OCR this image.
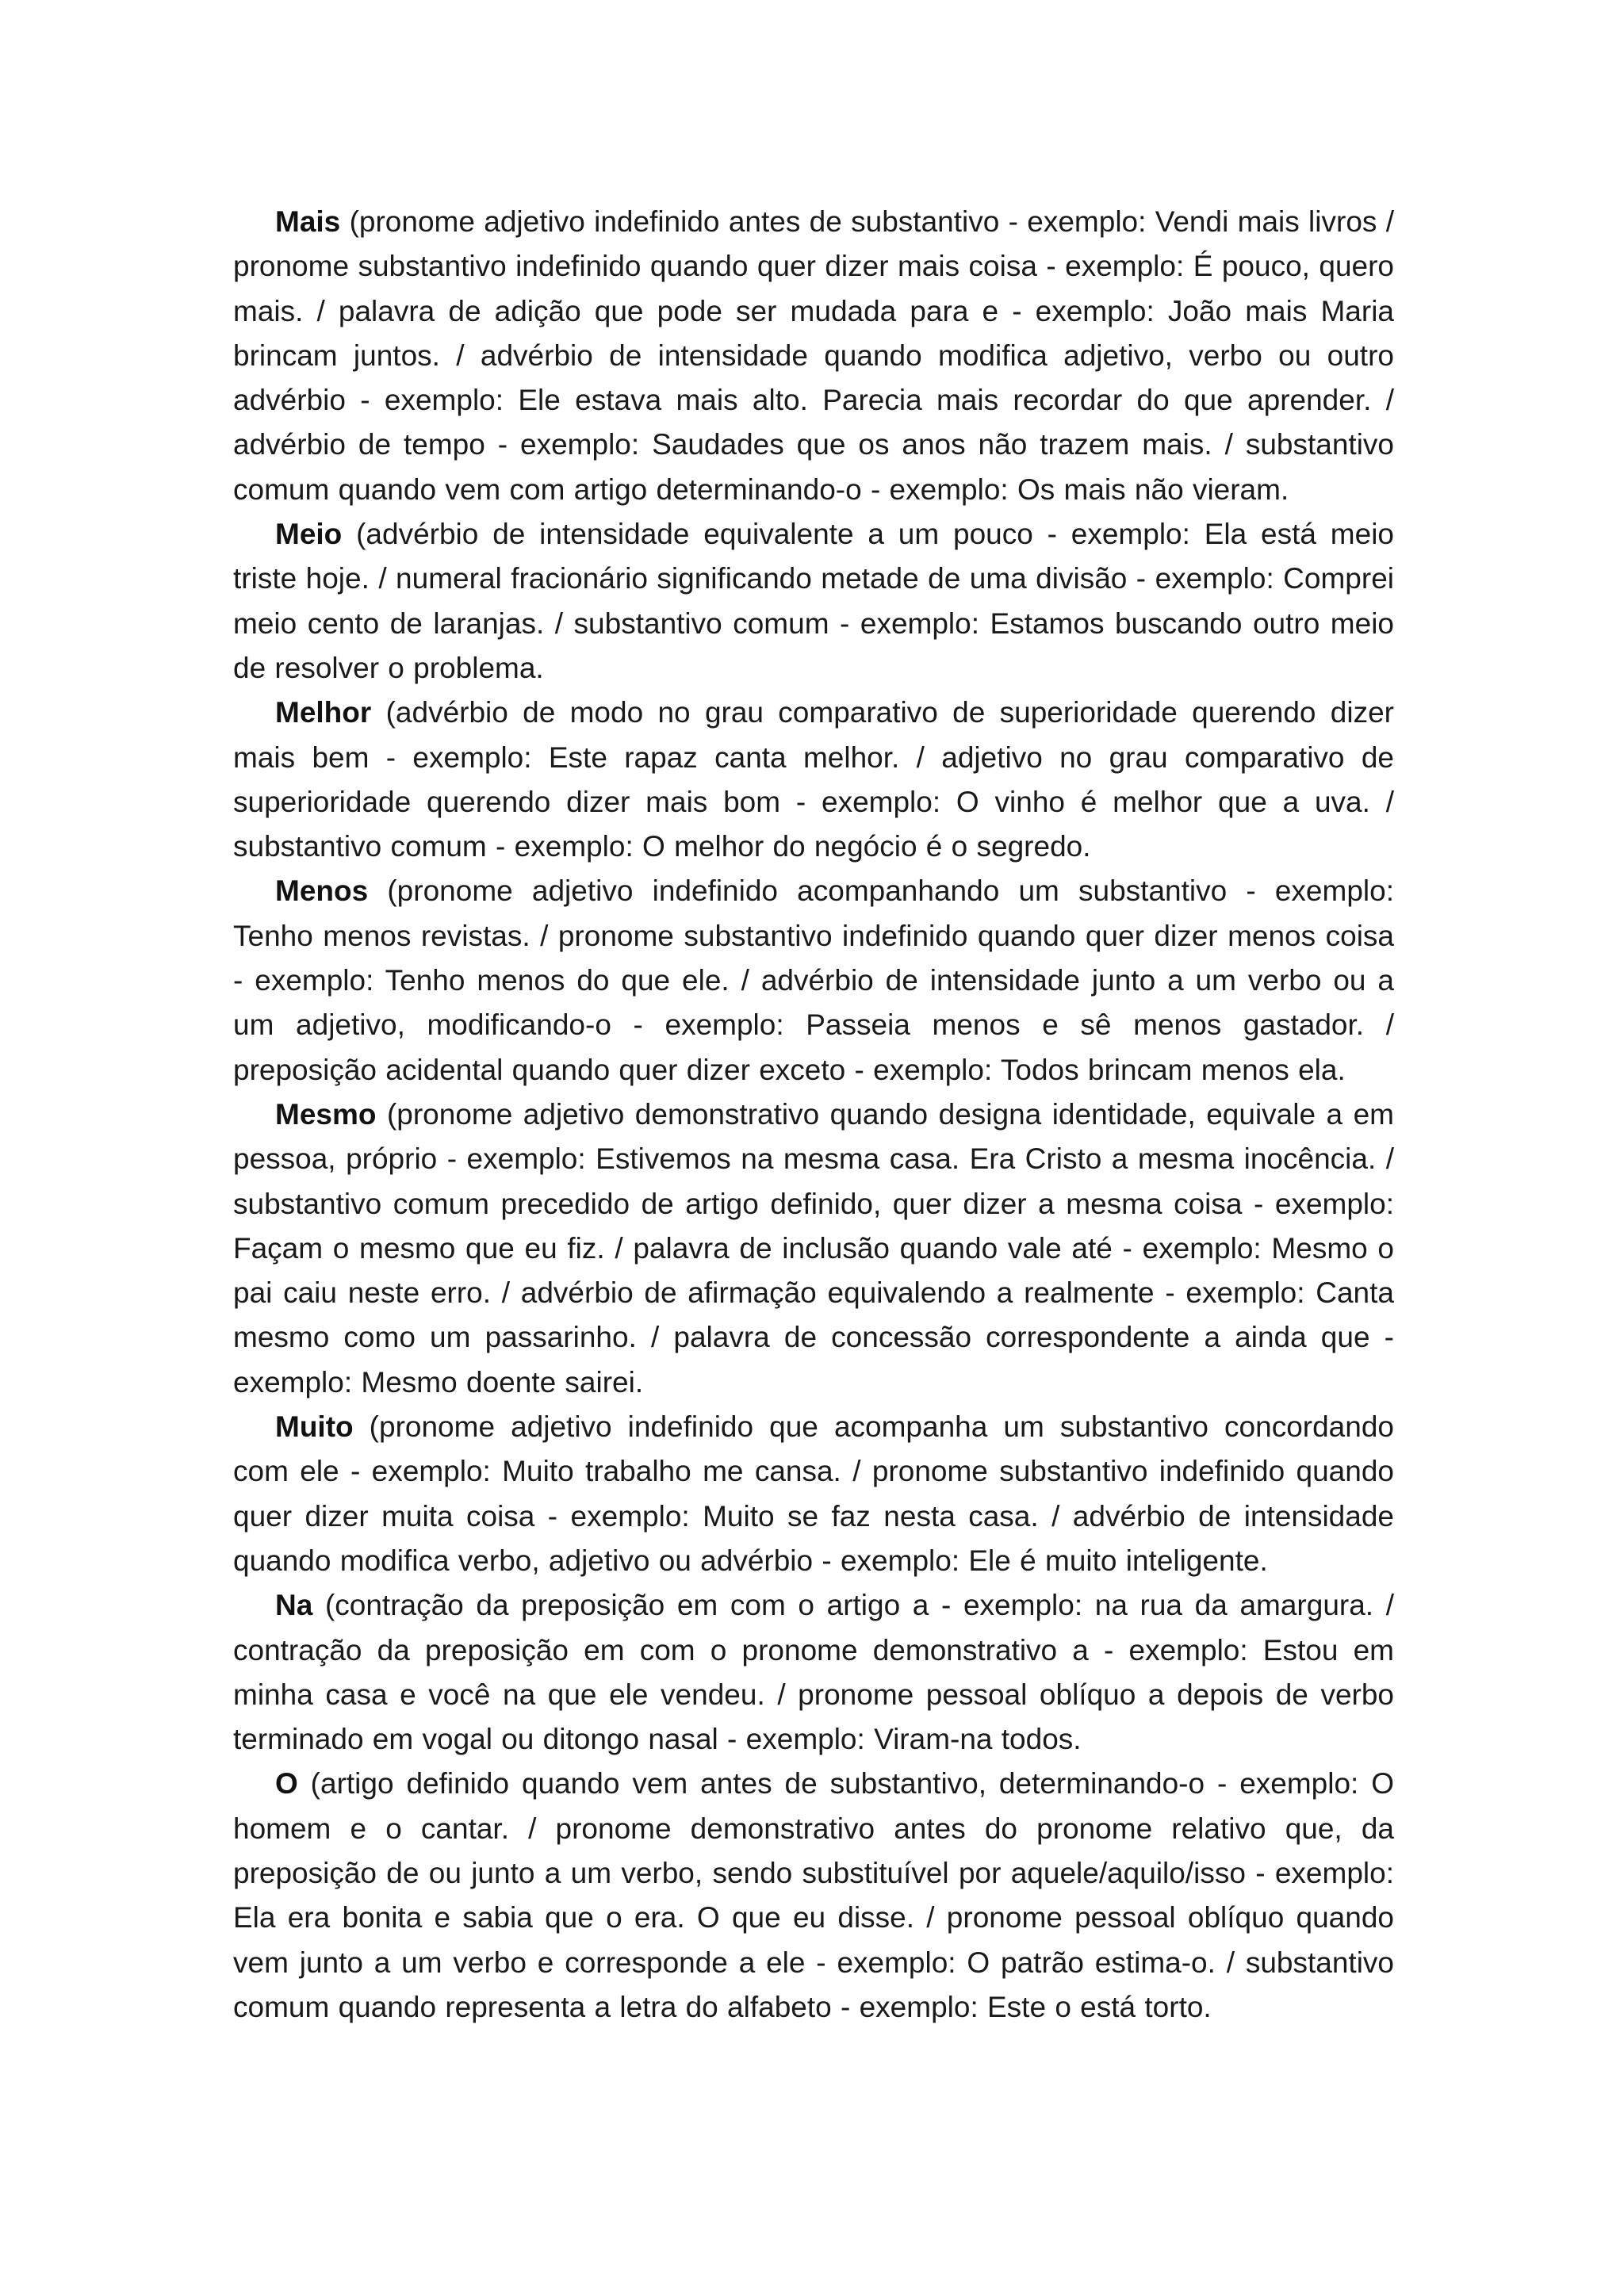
Mais (pronome adjetivo indefinido antes de substantivo - exemplo: Vendi mais livros / pronome substantivo indefinido quando quer dizer mais coisa - exemplo: É pouco, quero mais. / palavra de adição que pode ser mudada para e - exemplo: João mais Maria brincam juntos. / advérbio de intensidade quando modifica adjetivo, verbo ou outro advérbio - exemplo: Ele estava mais alto. Parecia mais recordar do que aprender. / advérbio de tempo - exemplo: Saudades que os anos não trazem mais. / substantivo comum quando vem com artigo determinando-o - exemplo: Os mais não vieram.

Meio (advérbio de intensidade equivalente a um pouco - exemplo: Ela está meio triste hoje. / numeral fracionário significando metade de uma divisão - exemplo: Comprei meio cento de laranjas. / substantivo comum - exemplo: Estamos buscando outro meio de resolver o problema.

Melhor (advérbio de modo no grau comparativo de superioridade querendo dizer mais bem - exemplo: Este rapaz canta melhor. / adjetivo no grau comparativo de superioridade querendo dizer mais bom - exemplo: O vinho é melhor que a uva. / substantivo comum - exemplo: O melhor do negócio é o segredo.

Menos (pronome adjetivo indefinido acompanhando um substantivo - exemplo: Tenho menos revistas. / pronome substantivo indefinido quando quer dizer menos coisa - exemplo: Tenho menos do que ele. / advérbio de intensidade junto a um verbo ou a um adjetivo, modificando-o - exemplo: Passeia menos e sê menos gastador. / preposição acidental quando quer dizer exceto - exemplo: Todos brincam menos ela.

Mesmo (pronome adjetivo demonstrativo quando designa identidade, equivale a em pessoa, próprio - exemplo: Estivemos na mesma casa. Era Cristo a mesma inocência. / substantivo comum precedido de artigo definido, quer dizer a mesma coisa - exemplo: Façam o mesmo que eu fiz. / palavra de inclusão quando vale até - exemplo: Mesmo o pai caiu neste erro. / advérbio de afirmação equivalendo a realmente - exemplo: Canta mesmo como um passarinho. / palavra de concessão correspondente a ainda que - exemplo: Mesmo doente sairei.

Muito (pronome adjetivo indefinido que acompanha um substantivo concordando com ele - exemplo: Muito trabalho me cansa. / pronome substantivo indefinido quando quer dizer muita coisa - exemplo: Muito se faz nesta casa. / advérbio de intensidade quando modifica verbo, adjetivo ou advérbio - exemplo: Ele é muito inteligente.

Na (contração da preposição em com o artigo a - exemplo: na rua da amargura. / contração da preposição em com o pronome demonstrativo a - exemplo: Estou em minha casa e você na que ele vendeu. / pronome pessoal oblíquo a depois de verbo terminado em vogal ou ditongo nasal - exemplo: Viram-na todos.

O (artigo definido quando vem antes de substantivo, determinando-o - exemplo: O homem e o cantar. / pronome demonstrativo antes do pronome relativo que, da preposição de ou junto a um verbo, sendo substituível por aquele/aquilo/isso - exemplo: Ela era bonita e sabia que o era. O que eu disse. / pronome pessoal oblíquo quando vem junto a um verbo e corresponde a ele - exemplo: O patrão estima-o. / substantivo comum quando representa a letra do alfabeto - exemplo: Este o está torto.
